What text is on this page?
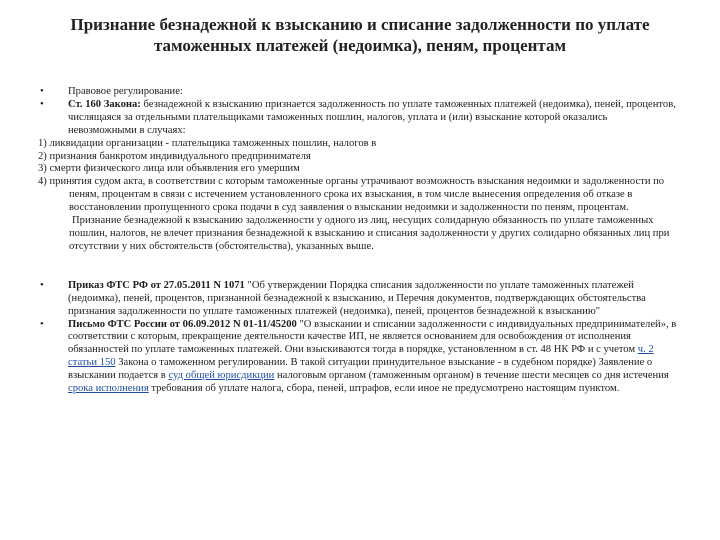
Признание безнадежной к взысканию и списание задолженности по уплате
таможенных платежей (недоимка), пеням, процентам
• Правовое регулирование:
• Ст. 160 Закона: безнадежной к взысканию признается задолженность по уплате таможенных платежей (недоимка), пеней, процентов, числящаяся за отдельными плательщиками таможенных пошлин, налогов, уплата и (или) взыскание которой оказались невозможными в случаях:
1) ликвидации организации - плательщика таможенных пошлин, налогов в
2) признания банкротом индивидуального предпринимателя
3) смерти физического лица или объявления его умершим
4) принятия судом акта, в соответствии с которым таможенные органы утрачивают возможность взыскания недоимки и задолженности по пеням, процентам в связи с истечением установленного срока их взыскания, в том числе вынесения определения об отказе в восстановлении пропущенного срока подачи в суд заявления о взыскании недоимки и задолженности по пеням, процентам.
Признание безнадежной к взысканию задолженности у одного из лиц, несущих солидарную обязанность по уплате таможенных пошлин, налогов, не влечет признания безнадежной к взысканию и списания задолженности у других солидарно обязанных лиц при отсутствии у них обстоятельств (обстоятельства), указанных выше.
• Приказ ФТС РФ от 27.05.2011 N 1071 "Об утверждении Порядка списания задолженности по уплате таможенных платежей (недоимка), пеней, процентов, признанной безнадежной к взысканию, и Перечня документов, подтверждающих обстоятельства признания задолженности по уплате таможенных платежей (недоимка), пеней, процентов безнадежной к взысканию"
• Письмо ФТС России от 06.09.2012 N 01-11/45200 "О взыскании и списании задолженности с индивидуальных предпринимателей», в соответствии с которым, прекращение деятельности качестве ИП, не является основанием для освобождения от исполнения обязанностей по уплате таможенных платежей. Они взыскиваются тогда в порядке, установленном в ст. 48 НК РФ и с учетом ч. 2 статьи 150 Закона о таможенном регулировании. В такой ситуации принудительное взыскание - в судебном порядке) Заявление о взыскании подается в суд общей юрисдикции налоговым органом (таможенным органом) в течение шести месяцев со дня истечения срока исполнения требования об уплате налога, сбора, пеней, штрафов, если иное не предусмотрено настоящим пунктом.
